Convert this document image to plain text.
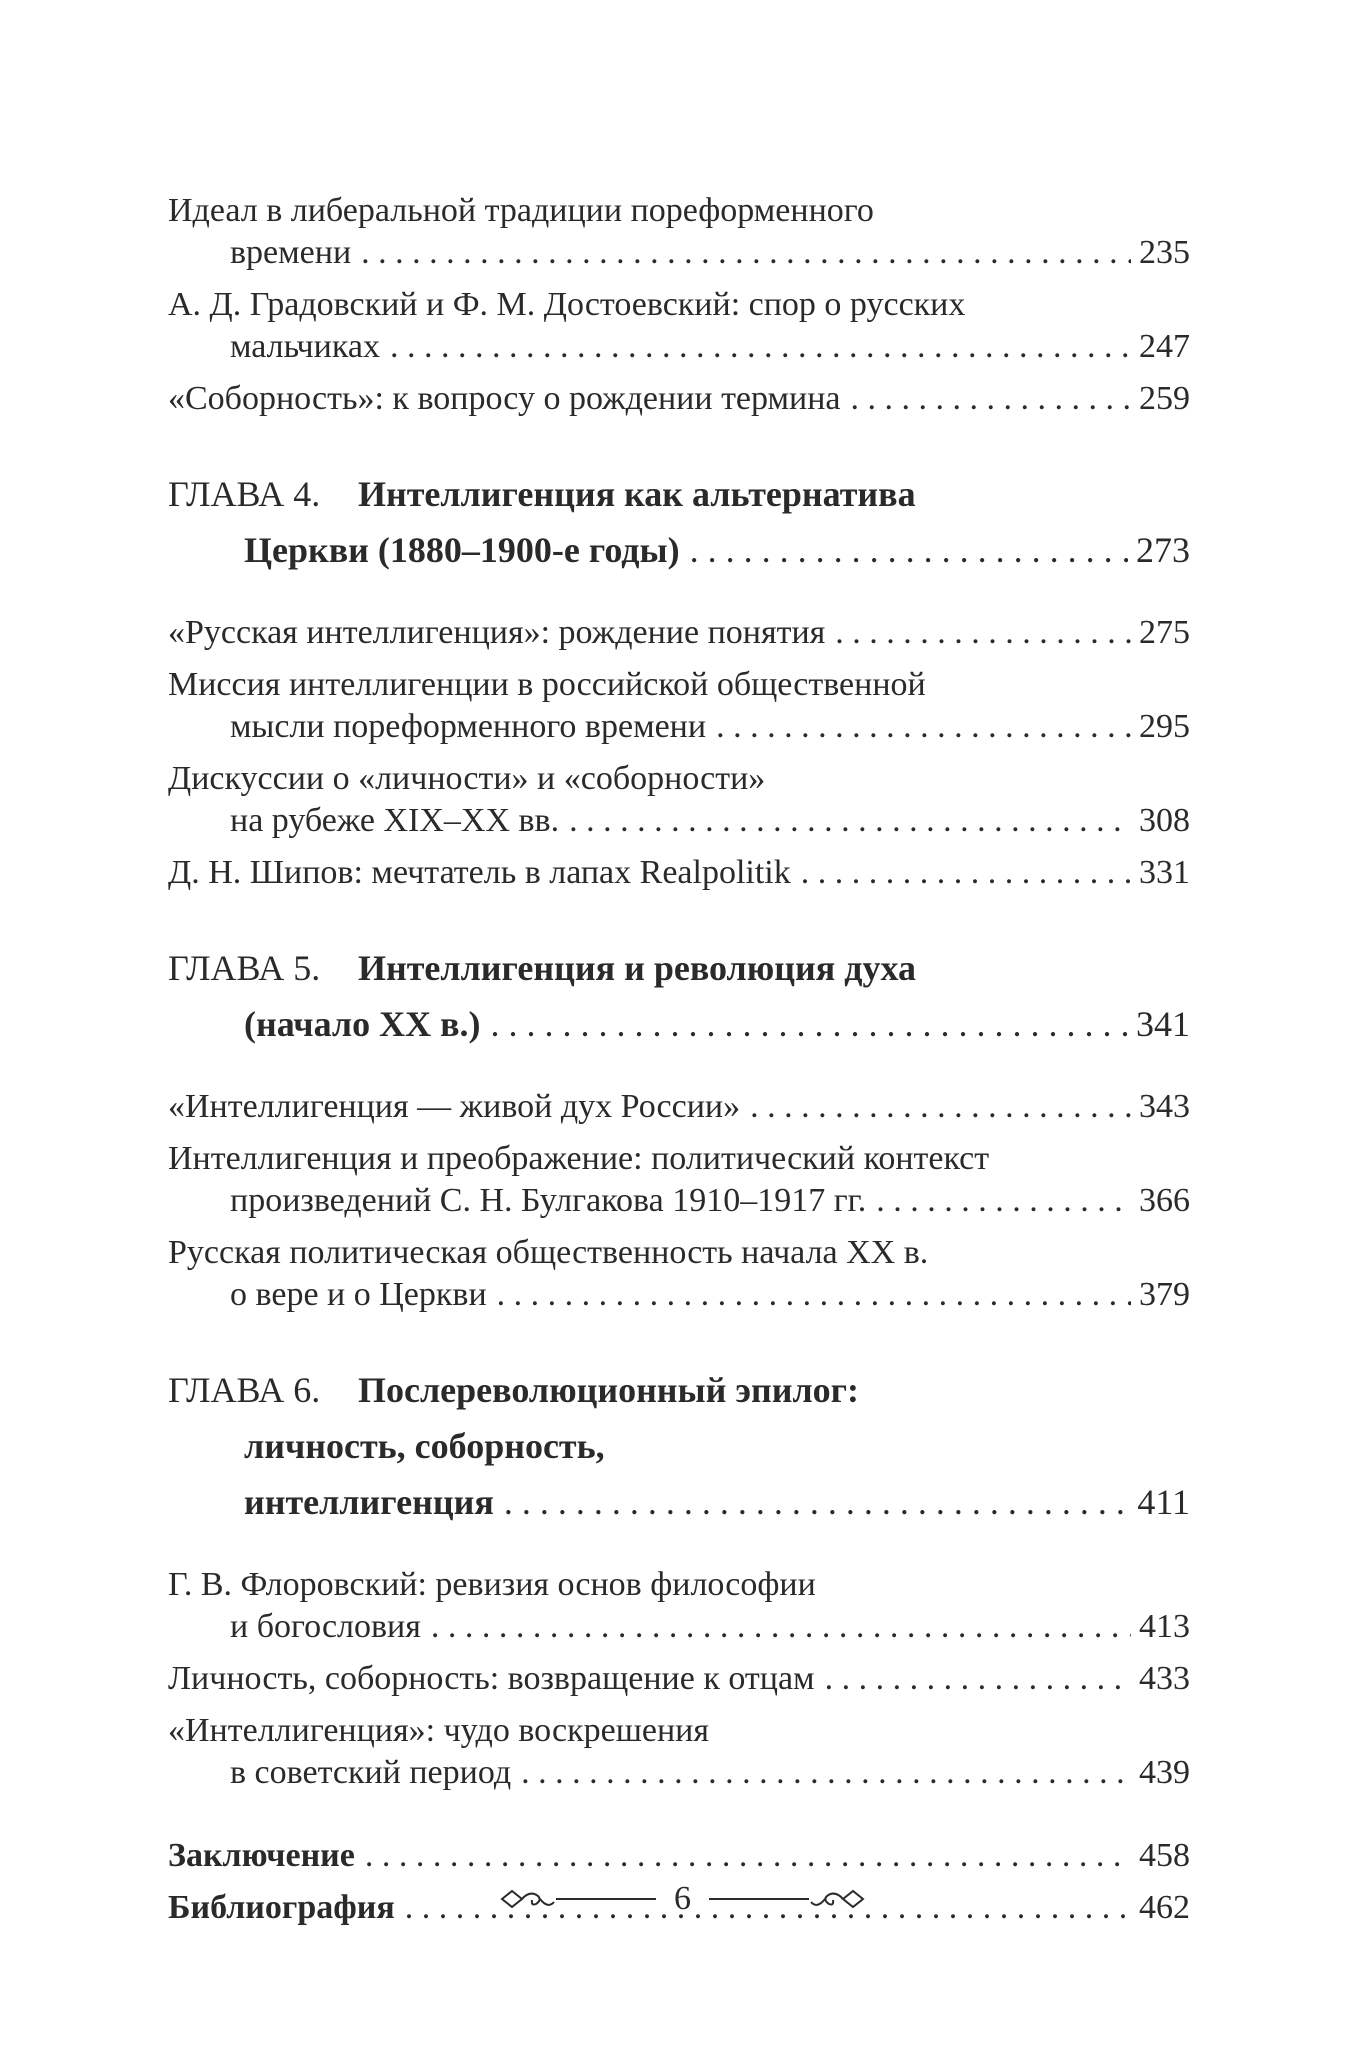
Идеал в либеральной традиции пореформенного
времени . . .	235
А. Д. Градовский и Ф. М. Достоевский: спор о русских
мальчиках . . .	247
«Соборность»: к вопросу о рождении термина . . .	259
ГЛАВА 4.	Интеллигенция как альтернатива
Церкви (1880–1900-е годы) . . .	273
«Русская интеллигенция»: рождение понятия . . .	275
Миссия интеллигенции в российской общественной
мысли пореформенного времени . . .	295
Дискуссии о «личности» и «соборности»
на рубеже XIX–XX вв. . . .	308
Д. Н. Шипов: мечтатель в лапах Realpolitik . . .	331
ГЛАВА 5.	Интеллигенция и революция духа
(начало XX в.) . . .	341
«Интеллигенция — живой дух России» . . .	343
Интеллигенция и преображение: политический контекст
произведений С. Н. Булгакова 1910–1917 гг. . . .	366
Русская политическая общественность начала XX в.
о вере и о Церкви . . .	379
ГЛАВА 6.	Послереволюционный эпилог:
личность, соборность,
интеллигенция . . .	411
Г. В. Флоровский: ревизия основ философии
и богословия . . .	413
Личность, соборность: возвращение к отцам . . .	433
«Интеллигенция»: чудо воскрешения
в советский период . . .	439
Заключение . . .	458
Библиография . . .	462
6
